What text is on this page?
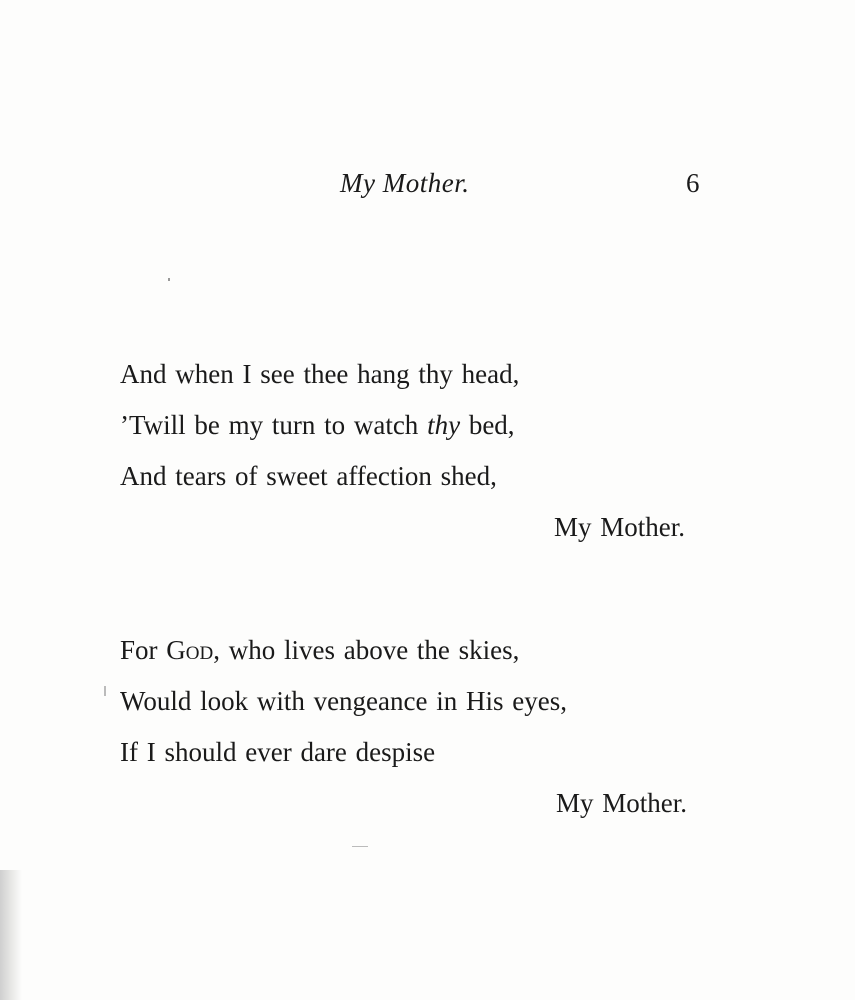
My Mother.	6
And when I see thee hang thy head,
’Twill be my turn to watch thy bed,
And tears of sweet affection shed,
My Mother.
For God, who lives above the skies,
Would look with vengeance in His eyes,
If I should ever dare despise
My Mother.
